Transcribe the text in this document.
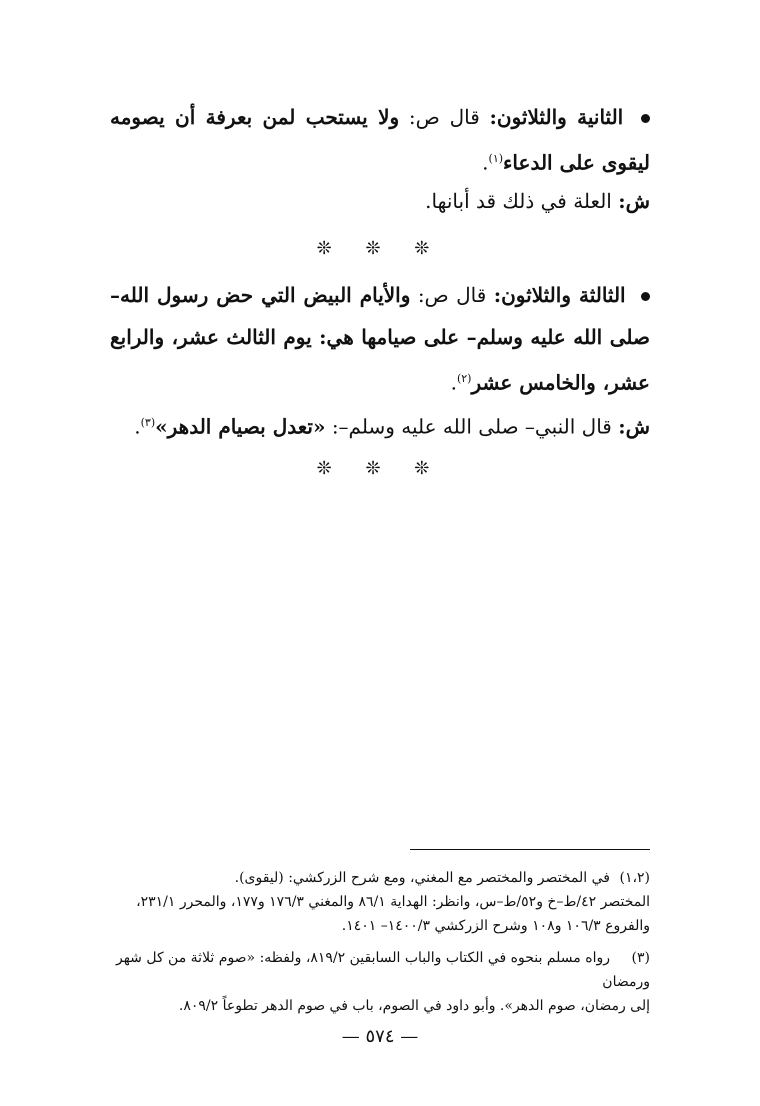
الثانية والثلاثون: قال ص: ولا يستحب لمن بعرفة أن يصومه ليقوى على الدعاء$^{(١)}$.
ش: العلة في ذلك قد أبانها.
❊ ❊ ❊
الثالثة والثلاثون: قال ص: والأيام البيض التي حض رسول الله– صلى الله عليه وسلم– على صيامها هي: يوم الثالث عشر، والرابع عشر، والخامس عشر$^{(٢)}$.
ش: قال النبي– صلى الله عليه وسلم–: «تعدل بصيام الدهر»$^{(٣)}$.
❊ ❊ ❊
(١،٢)في المختصر والمختصر مع المغني، ومع شرح الزركشي: (ليقوى).
المختصر ٤٢/ط–خ و٥٢/ط–س، وانظر: الهداية ٨٦/١ والمغني ١٧٦/٣ و١٧٧، والمحرر ٢٣١/١،
والفروع ١٠٦/٣ و١٠٨ وشرح الزركشي ١٤٠٠/٣– ١٤٠١.
(٣)رواه مسلم بنحوه في الكتاب والباب السابقين ٨١٩/٢، ولفظه: «صوم ثلاثة من كل شهر ورمضان
إلى رمضان، صوم الدهر». وأبو داود في الصوم، باب في صوم الدهر تطوعاً ٨٠٩/٢.
— ٥٧٤ —
